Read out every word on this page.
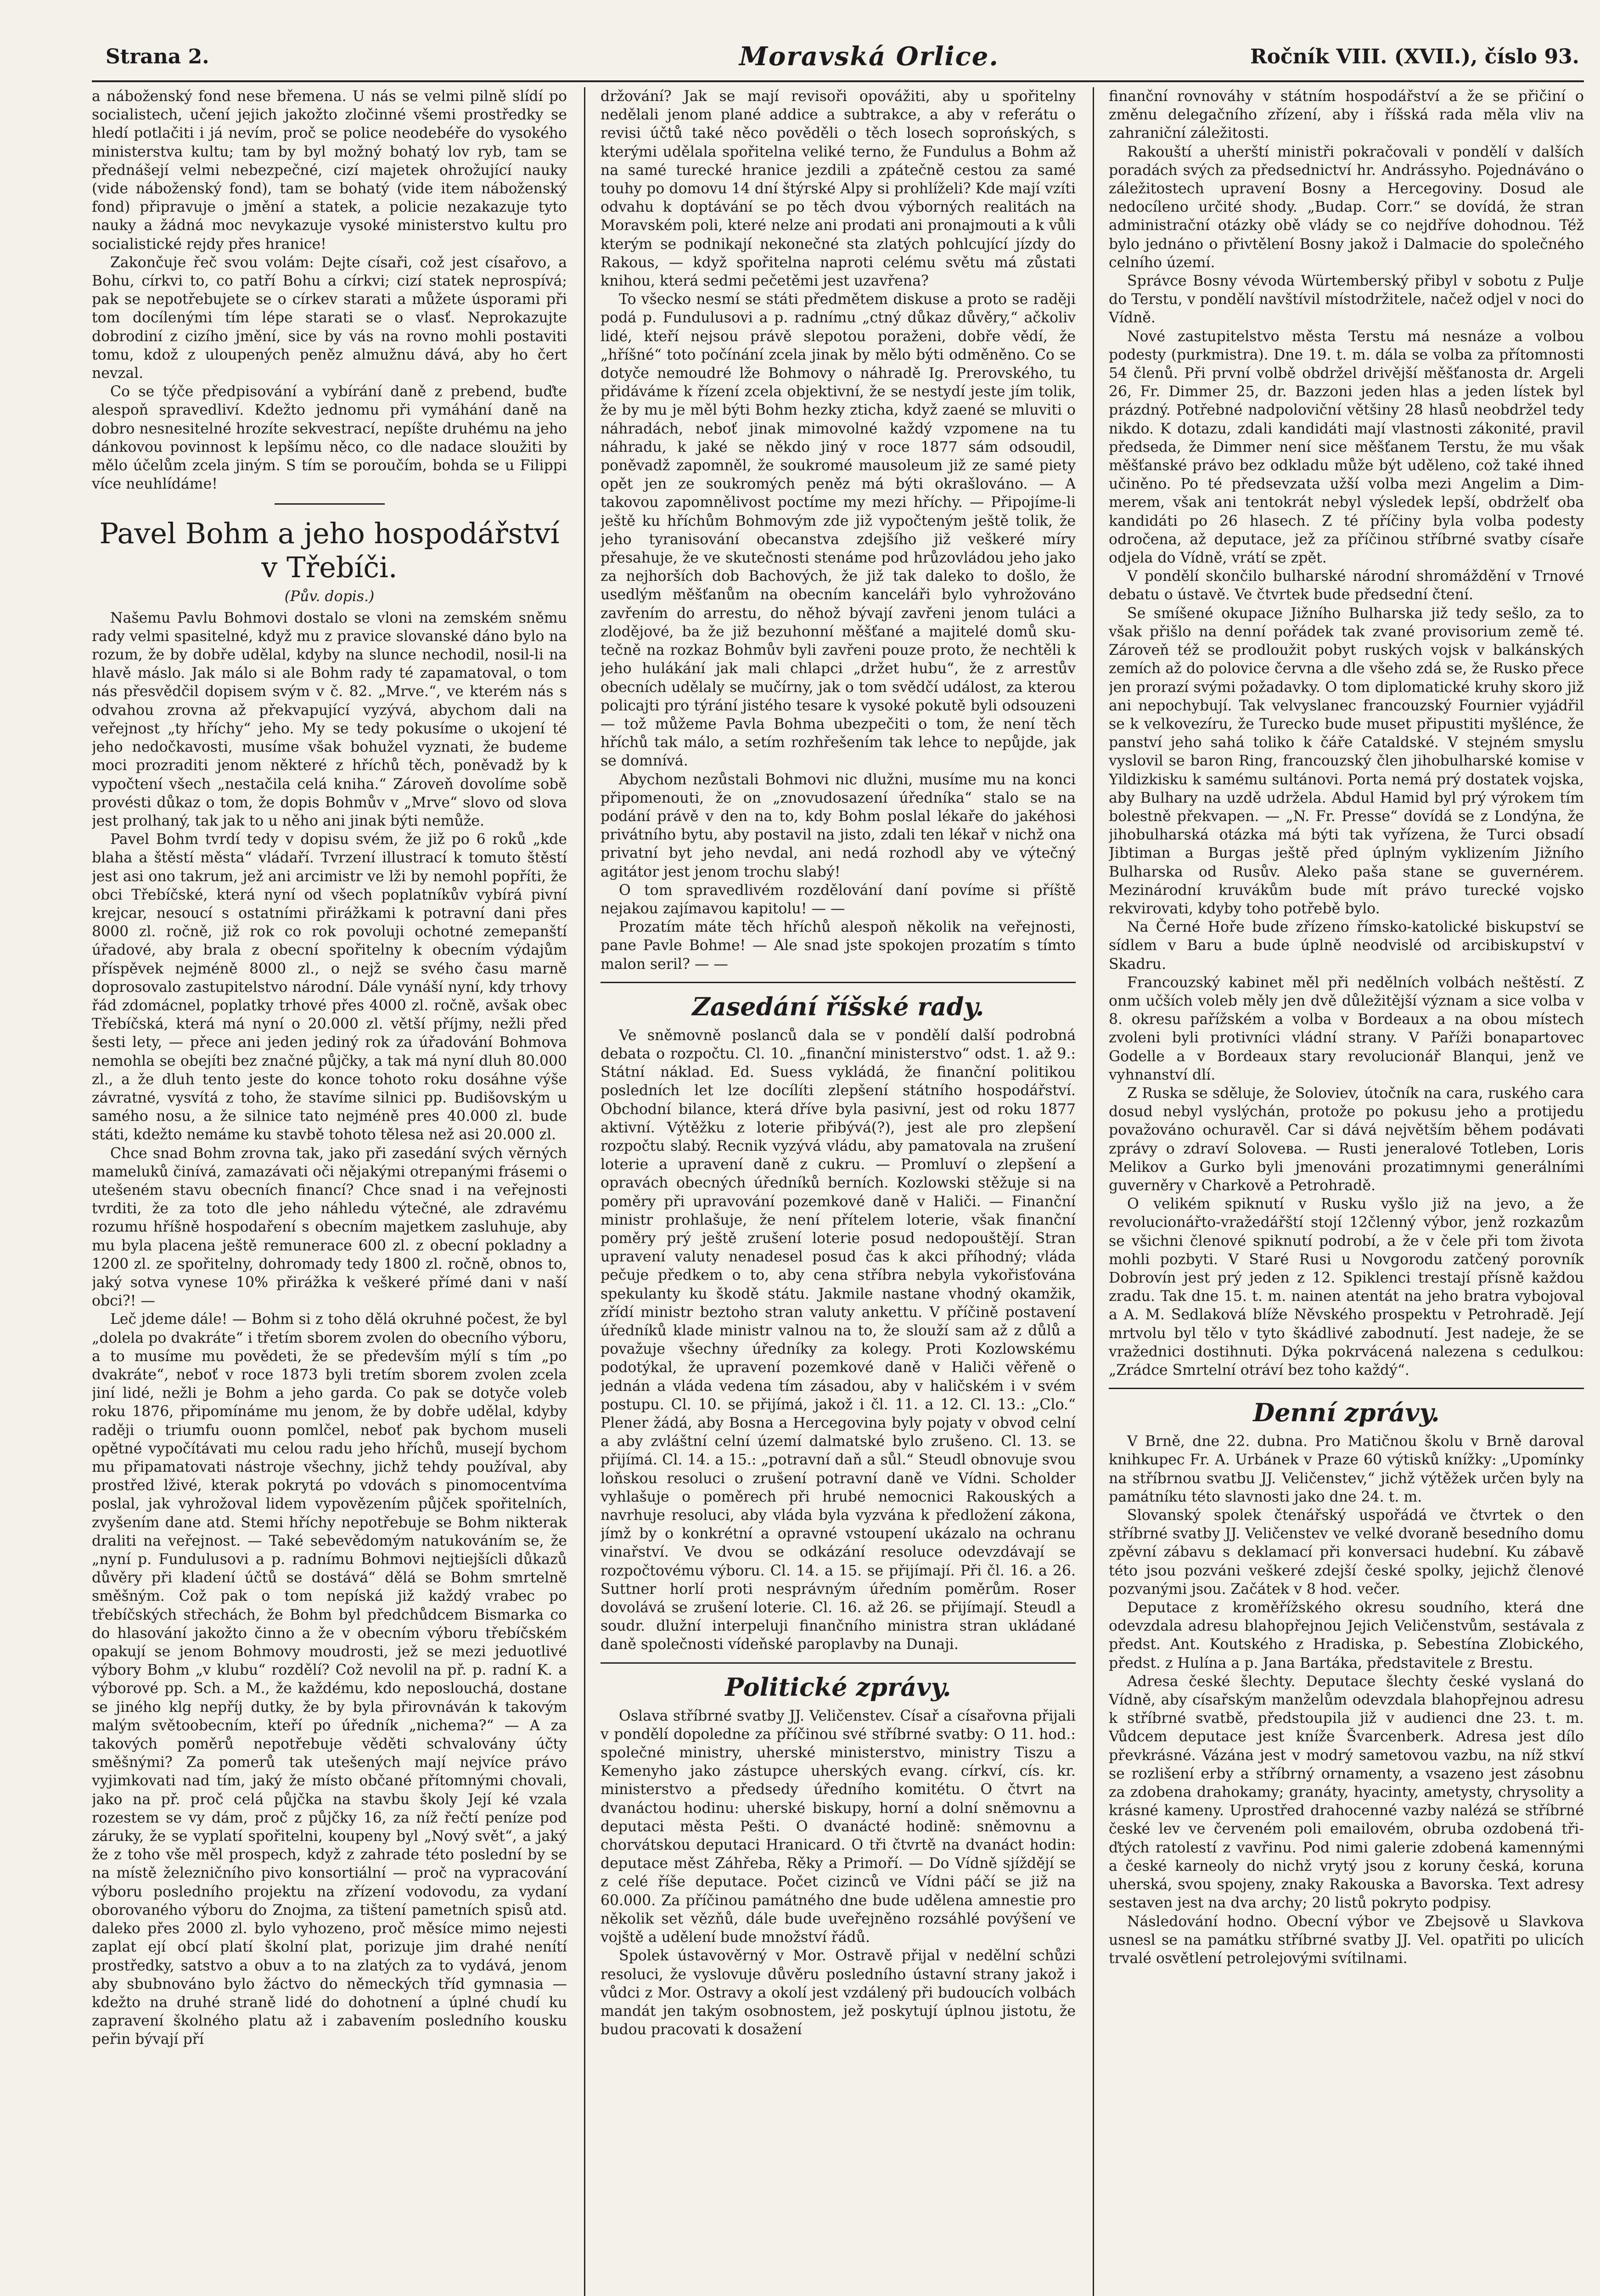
Strana 2.	Moravská Orlice.	Ročník VIII. (XVII.), číslo 93.

a náboženský fond nese břemena. U nás se velmi pilně slídí po socialistech, učení jejich jakožto zločinné všemi prostředky se hledí potlačiti i já nevím, proč se police neodebéře do vysokého ministerstva kultu; tam by byl možný bohatý lov ryb, tam se přednášejí velmi nebezpečné, cizí majetek ohrožující nauky (vide náboženský fond), tam se bohatý (vide item náboženský fond) připravuje o jmění a statek, a policie nezakazuje tyto nauky a žádná moc nevykazuje vysoké ministerstvo kultu pro socialistické rejdy přes hranice!

Zakončuje řeč svou volám: Dejte císaři, což jest císařovo, a Bohu, církvi to, co patří Bohu a církvi; cizí statek neprospívá; pak se nepotřebujete se o církev starati a můžete úsporami při tom docílenými tím lépe starati se o vlasť. Neprokazujte dobrodiní z cizího jmění, sice by vás na rovno mohli postaviti tomu, kdož z uloupených peněz almužnu dává, aby ho čert nevzal.

Co se týče předpisování a vybírání daně z prebend, buďte alespoň spravedliví. Kdežto jednomu při vymáhání daně na dobro nesnesitelné hrozíte sekvestrací, nepíšte druhému na jeho dánkovou povinnost k lepšímu něco, co dle nadace sloužiti by mělo účelům zcela jiným. S tím se poroučím, bohda se u Filippi více neuhlídáme!

Pavel Bohm a jeho hospodářství v Třebíči.

(Pův. dopis.)

Našemu Pavlu Bohmovi dostalo se vloni na zemském sněmu rady velmi spasitelné, když mu z pravice slovanské dáno bylo na rozum, že by dobře udělal, kdyby na slunce nechodil, nosil-li na hlavě máslo. Jak málo si ale Bohm rady té zapamatoval, o tom nás přesvědčil dopisem svým v č. 82. „Mrve.“, ve kterém nás s odvahou zrovna až překvapující vyzývá, abychom dali na veřejnost „ty hříchy“ jeho. My se tedy pokusíme o ukojení té jeho nedočkavosti, musíme však bohužel vyznati, že budeme moci prozraditi jenom některé z hříchů těch, poněvadž by k vypočtení všech „nestačila celá kniha.“ Zároveň dovolíme sobě provésti důkaz o tom, že dopis Bohmův v „Mrve“ slovo od slova jest prolhaný, tak jak to u něho ani jinak býti nemůže.

Pavel Bohm tvrdí tedy v dopisu svém, že již po 6 roků „kde blaha a štěstí města“ vládaří. Tvrzení illustrací k tomuto štěstí jest asi ono takrum, jež ani arcimistr ve lži by nemohl popříti, že obci Třebíčské, která nyní od všech poplatníkův vybírá pivní krejcar, nesoucí s ostatními přirážkami k potravní dani přes 8000 zl. ročně, již rok co rok povoluji ochotné zemepanští úřadové, aby brala z obecní spořitelny k obecním výdajům příspěvek nejméně 8000 zl., o nejž se svého času marně doprosovalo zastupitelstvo národní. Dále vynáší nyní, kdy trhovy řád zdomácnel, poplatky trhové přes 4000 zl. ročně, avšak obec Třebíčská, která má nyní o 20.000 zl. větší příjmy, nežli před šesti lety, — přece ani jeden jediný rok za úřadování Bohmova nemohla se obejíti bez značné půjčky, a tak má nyní dluh 80.000 zl., a že dluh tento jeste do konce tohoto roku dosáhne výše závratné, vysvítá z toho, že stavíme silnici pp. Budišovským u samého nosu, a že silnice tato nejméně pres 40.000 zl. bude státi, kdežto nemáme ku stavbě tohoto tělesa než asi 20.000 zl.

Chce snad Bohm zrovna tak, jako při zasedání svých věrných mameluků činívá, zamazávati oči nějakými otrepanými frásemi o utešeném stavu obecních financí? Chce snad i na veřejnosti tvrditi, že za toto dle jeho náhledu výtečné, ale zdravému rozumu hříšně hospodaření s obecním majetkem zasluhuje, aby mu byla placena ještě remunerace 600 zl. z obecní pokladny a 1200 zl. ze spořitelny, dohromady tedy 1800 zl. ročně, obnos to, jaký sotva vynese 10% přirážka k veškeré přímé dani v naší obci?! —

Leč jdeme dále! — Bohm si z toho dělá okruhné počest, že byl „dolela po dvakráte“ i třetím sborem zvolen do obecního výboru, a to musíme mu povědeti, že se především mýlí s tím „po dvakráte“, neboť v roce 1873 byli tretím sborem zvolen zcela jiní lidé, nežli je Bohm a jeho garda. Co pak se dotyče voleb roku 1876, připomínáme mu jenom, že by dobře udělal, kdyby raději o triumfu ouonn pomlčel, neboť pak bychom museli opětné vypočítávati mu celou radu jeho hříchů, musejí bychom mu připamatovati nástroje všechny, jichž tehdy používal, aby prostřed lživé, kterak pokrytá po vdovách s pinomocentvíma poslal, jak vyhrožoval lidem vypovězením půjček spořitelních, zvyšením dane atd. Stemi hříchy nepotřebuje se Bohm nikterak draliti na veřejnost. — Také sebevědomým natukováním se, že „nyní p. Fundulusovi a p. radnímu Bohmovi nejtiejšícli důkazů důvěry při kladení účtů se dostává“ dělá se Bohm smrtelně směšným. Což pak o tom nepíská již každý vrabec po třebíčských střechách, že Bohm byl předchůdcem Bismarka co do hlasování jakožto činno a že v obecním výboru třebíčském opakují se jenom Bohmovy moudrosti, jež se mezi jeduotlivé výbory Bohm „v klubu“ rozdělí? Což nevolil na př. p. radní K. a výborové pp. Sch. a M., že každému, kdo neposlouchá, dostane se jiného klg nepříj dutky, že by byla přirovnáván k takovým malým světoobecním, kteří po úředník „nichema?“ — A za takových poměrů nepotřebuje věděti schvalovány účty směšnými? Za pomerů tak utešených mají nejvíce právo vyjimkovati nad tím, jaký že místo občané přítomnými chovali, jako na př. proč celá půjčka na stavbu školy Její ké vzala rozestem se vy dám, proč z půjčky 16, za níž řečtí peníze pod záruky, že se vyplatí spořitelni, koupeny byl „Nový svět“, a jaký že z toho vše měl prospech, když z zahrade této poslední by se na místě železničního pivo konsortiální — proč na vypracování výboru posledního projektu na zřízení vodovodu, za vydaní oborovaného výboru do Znojma, za tištení pametních spisů atd. daleko přes 2000 zl. bylo vyhozeno, proč měsíce mimo nejesti zaplat ejí obcí platí školní plat, porizuje jim drahé nenítí prostředky, satstvo a obuv a to na zlatých za to vydává, jenom aby sbubnováno bylo žáctvo do německých tříd gymnasia — kdežto na druhé straně lidé do dohotnení a úplné chudí ku zapravení školného platu až i zabavením posledního kousku peřin bývají pří

držování? Jak se mají revisoři opovážiti, aby u spořitelny nedělali jenom plané addice a subtrakce, a aby v referátu o revisi účtů také něco pověděli o těch losech soprońských, s kterými udělala spořitelna veliké terno, že Fundulus a Bohm až na samé turecké hranice jezdili a zpátečně cestou za samé touhy po domovu 14 dní štýrské Alpy si prohlíželi? Kde mají vzíti odvahu k doptávání se po těch dvou výborných realitách na Moravském poli, které nelze ani prodati ani pronajmouti a k vůli kterým se podnikají nekonečné sta zlatých pohlcující jízdy do Rakous, — když spořitelna naproti celému světu má zůstati knihou, která sedmi pečetěmi jest uzavřena?

To všecko nesmí se státi předmětem diskuse a proto se raději podá p. Fundulusovi a p. radnímu „ctný důkaz důvěry,“ ačkoliv lidé, kteří nejsou právě slepotou poraženi, dobře vědí, že „hříšné“ toto počínání zcela jinak by mělo býti odměněno. Co se dotyče nemoudré lže Bohmovy o náhradě Ig. Prerovského, tu přidáváme k řízení zcela objektivní, že se nestydí jeste jím tolik, že by mu je měl býti Bohm hezky zticha, když zaené se mluviti o náhradách, neboť jinak mimovolné každý vzpomene na tu náhradu, k jaké se někdo jiný v roce 1877 sám odsoudil, poněvadž zapomněl, že soukromé mausoleum již ze samé piety opět jen ze soukromých peněz má býti okrašlováno. — A takovou zapomnělivost poctíme my mezi hříchy. — Připojíme-li ještě ku hříchům Bohmovým zde již vypočteným ještě tolik, že jeho tyranisování obecanstva zdejšího již veškeré míry přesahuje, že ve skutečnosti stenáme pod hrůzovládou jeho jako za nejhorších dob Bachových, že již tak daleko to došlo, že usedlým měšťanům na obecním kanceláři bylo vyhrožováno zavřením do arrestu, do něhož bývají zavřeni jenom tuláci a zlodějové, ba že již bezuhonní měšťané a majitelé domů skutečně na rozkaz Bohmův byli zavřeni pouze proto, že nechtěli k jeho hulákání jak mali chlapci „držet hubu“, že z arrestův obecních udělaly se mučírny, jak o tom svědčí událost, za kterou policajti pro týrání jistého tesare k vysoké pokutě byli odsouzeni — tož můžeme Pavla Bohma ubezpečiti o tom, že není těch hříchů tak málo, a setím rozhřešením tak lehce to nepůjde, jak se domnívá.

Abychom nezůstali Bohmovi nic dlužni, musíme mu na konci připomenouti, že on „znovudosazení úředníka“ stalo se na podání právě v den na to, kdy Bohm poslal lékaře do jakéhosi privátního bytu, aby postavil na jisto, zdali ten lékař v nichž ona privatní byt jeho nevdal, ani nedá rozhodl aby ve výtečný agitátor jest jenom trochu slabý!

O tom spravedlivém rozdělování daní povíme si příště nejakou zajímavou kapitolu! — —

Prozatím máte těch hříchů alespoň několik na veřejnosti, pane Pavle Bohme! — Ale snad jste spokojen prozatím s tímto malon seril? — —

Zasedání říšské rady.

Ve sněmovně poslanců dala se v pondělí další podrobná debata o rozpočtu. Cl. 10. „finanční ministerstvo“ odst. 1. až 9.: Státní náklad. Ed. Suess vykládá, že finanční politikou posledních let lze docílíti zlepšení státního hospodářství. Obchodní bilance, která dříve byla pasivní, jest od roku 1877 aktivní. Výtěžku z loterie přibývá(?), jest ale pro zlepšení rozpočtu slabý. Recnik vyzývá vládu, aby pamatovala na zrušení loterie a upravení daně z cukru. — Promluví o zlepšení a opravách obecných úředníků berních. Kozlowski stěžuje si na poměry při upravování pozemkové daně v Haliči. — Finanční ministr prohlašuje, že není přítelem loterie, však finanční poměry prý ještě zrušení loterie posud nedopouštějí. Stran upravení valuty nenadesel posud čas k akci příhodný; vláda pečuje předkem o to, aby cena stříbra nebyla vykořisťována spekulanty ku škodě státu. Jakmile nastane vhodný okamžik, zřídí ministr beztoho stran valuty ankettu. V příčině postavení úředníků klade ministr valnou na to, že slouží sam až z důlů a považuje všechny úředníky za kolegy. Proti Kozlowskému podotýkal, že upravení pozemkové daně v Haliči věřeně o jednán a vláda vedena tím zásadou, aby v haličském i v svém postupu. Cl. 10. se přijímá, jakož i čl. 11. a 12. Cl. 13.: „Clo.“ Plener žádá, aby Bosna a Hercegovina byly pojaty v obvod celní a aby zvláštní celní území dalmatské bylo zrušeno. Cl. 13. se přijímá. Cl. 14. a 15.: „potravní daň a sůl.“ Steudl obnovuje svou loňskou resoluci o zrušení potravní daně ve Vídni. Scholder vyhlašuje o poměrech při hrubé nemocnici Rakouských a navrhuje resoluci, aby vláda byla vyzvána k předložení zákona, jímž by o konkrétní a opravné vstoupení ukázalo na ochranu vinařství. Ve dvou se odkázání resoluce odevzdávají se rozpočtovému výboru. Cl. 14. a 15. se přijímají. Při čl. 16. a 26. Suttner horlí proti nesprávným úředním poměrům. Roser dovolává se zrušení loterie. Cl. 16. až 26. se přijímají. Steudl a soudr. dlužní interpeluji finančního ministra stran ukládané daně společnosti vídeňské paroplavby na Dunaji.

Politické zprávy.

Oslava stříbrné svatby JJ. Veličenstev. Císař a císařovna přijali v pondělí dopoledne za příčinou své stříbrné svatby: O 11. hod.: společné ministry, uherské ministerstvo, ministry Tiszu a Kemenyho jako zástupce uherských evang. církví, cís. kr. ministerstvo a předsedy úředního komitétu. O čtvrt na dvanáctou hodinu: uherské biskupy, horní a dolní sněmovnu a deputaci města Pešti. O dvanácté hodině: sněmovnu a chorvátskou deputaci Hranicard. O tři čtvrtě na dvanáct hodin: deputace měst Záhřeba, Rěky a Primoří. — Do Vídně sjíždějí se z celé říše deputace. Počet cizinců ve Vídni páčí se již na 60.000. Za příčinou památného dne bude udělena amnestie pro několik set vězňů, dále bude uveřejněno rozsáhlé povýšení ve vojště a udělení bude množství řádů.

Spolek ústavověrný v Mor. Ostravě přijal v nedělní schůzi resoluci, že vyslovuje důvěru posledního ústavní strany jakož i vůdci z Mor. Ostravy a okolí jest vzdálený při budoucích volbách mandát jen takým osobnostem, jež poskytují úplnou jistotu, že budou pracovati k dosažení

finanční rovnováhy v státním hospodářství a že se přičiní o změnu delegačního zřízení, aby i říšská rada měla vliv na zahraniční záležitosti.

Rakouští a uherští ministři pokračovali v pondělí v dalších poradách svých za předsednictví hr. Andrássyho. Pojednáváno o záležitostech upravení Bosny a Hercegoviny. Dosud ale nedocíleno určité shody. „Budap. Corr.“ se dovídá, že stran administrační otázky obě vlády se co nejdříve dohodnou. Též bylo jednáno o přivtělení Bosny jakož i Dalmacie do společného celního území.

Správce Bosny vévoda Würtemberský přibyl v sobotu z Pulje do Terstu, v pondělí navštívil místodržitele, načež odjel v noci do Vídně.

Nové zastupitelstvo města Terstu má nesnáze a volbou podesty (purkmistra). Dne 19. t. m. dála se volba za přítomnosti 54 členů. Při první volbě obdržel drivější měšťanosta dr. Argeli 26, Fr. Dimmer 25, dr. Bazzoni jeden hlas a jeden lístek byl prázdný. Potřebné nadpoloviční většiny 28 hlasů neobdržel tedy nikdo. K dotazu, zdali kandidáti mají vlastnosti zákonité, pravil předseda, že Dimmer není sice měšťanem Terstu, že mu však měšťanské právo bez odkladu může být uděleno, což také ihned učiněno. Po té předsevzata užší volba mezi Angelim a Dimmerem, však ani tentokrát nebyl výsledek lepší, obdrželť oba kandidáti po 26 hlasech. Z té příčiny byla volba podesty odročena, až deputace, jež za příčinou stříbrné svatby císaře odjela do Vídně, vrátí se zpět.

V pondělí skončilo bulharské národní shromáždění v Trnové debatu o ústavě. Ve čtvrtek bude předsední čtení.

Se smíšené okupace Jižního Bulharska již tedy sešlo, za to však přišlo na denní pořádek tak zvané provisorium země té. Zároveň též se prodloužit pobyt ruských vojsk v balkánských zemích až do polovice června a dle všeho zdá se, že Rusko přece jen prorazí svými požadavky. O tom diplomatické kruhy skoro již ani nepochybují. Tak velvyslanec francouzský Fournier vyjádřil se k velkovezíru, že Turecko bude muset připustiti myšlénce, že panství jeho sahá toliko k čáře Cataldské. V stejném smyslu vyslovil se baron Ring, francouzský člen jihobulharské komise v Yildizkisku k samému sultánovi. Porta nemá prý dostatek vojska, aby Bulhary na uzdě udržela. Abdul Hamid byl prý výrokem tím bolestně překvapen. — „N. Fr. Presse“ dovídá se z Londýna, že jihobulharská otázka má býti tak vyřízena, že Turci obsadí Jibtiman a Burgas ještě před úplným vyklizením Jižního Bulharska od Rusův. Aleko paša stane se guvernérem. Mezinárodní kruvákům bude mít právo turecké vojsko rekvirovati, kdyby toho potřebě bylo.

Na Černé Hoře bude zřízeno římsko-katolické biskupství se sídlem v Baru a bude úplně neodvislé od arcibiskupství v Skadru.

Francouzský kabinet měl při nedělních volbách neštěstí. Z onm učších voleb měly jen dvě důležitější význam a sice volba v 8. okresu pařížském a volba v Bordeaux a na obou místech zvoleni byli protivníci vládní strany. V Paříži bonapartovec Godelle a v Bordeaux stary revolucionář Blanqui, jenž ve vyhnanství dlí.

Z Ruska se sděluje, že Soloviev, útočník na cara, ruského cara dosud nebyl vyslýchán, protože po pokusu jeho a protijedu považováno ochuravěl. Car si dává největším během podávati zprávy o zdraví Solovева. — Rusti jeneralové Totleben, Loris Melikov a Gurko byli jmenováni prozatimnymi generálními guverněry v Charkově a Petrohradě.

O velikém spiknutí v Rusku vyšlo již na jevo, a že revolucionářto-vražedářští stojí 12členný výbor, jenž rozkazům se všichni členové spiknutí podrobí, a že v čele při tom života mohli pozbyti. V Staré Rusi u Novgorodu zatčený porovník Dobrovín jest prý jeden z 12. Spiklenci trestají přísně každou zradu. Tak dne 15. t. m. nainen atentát na jeho bratra vybojoval a A. M. Sedlaková blíže Něvského prospektu v Petrohradě. Její mrtvolu byl tělo v tyto škádlivé zabodnutí. Jest nadeje, že se vražednici dostihnuti. Dýka pokrvácená nalezena s cedulkou: „Zrádce Smrtelní otráví bez toho každý“.

Denní zprávy.

V Brně, dne 22. dubna. Pro Matičnou školu v Brně daroval knihkupec Fr. A. Urbánek v Praze 60 výtisků knížky: „Upomínky na stříbrnou svatbu JJ. Veličenstev,“ jichž výtěžek určen byly na památníku této slavnosti jako dne 24. t. m.

Slovanský spolek čtenářský uspořádá ve čtvrtek o den stříbrné svatby JJ. Veličenstev ve velké dvoraně besedního domu zpěvní zábavu s deklamací při konversaci hudební. Ku zábavě této jsou pozváni veškeré zdejší české spolky, jejichž členové pozvanými jsou. Začátek v 8 hod. večer.

Deputace z kroměřížského okresu soudního, která dne odevzdala adresu blahopřejnou Jejich Veličenstvům, sestávala z předst. Ant. Koutského z Hradiska, p. Sebestína Zlobického, předst. z Hulína a p. Jana Bartáka, představitele z Brestu.

Adresa české šlechty. Deputace šlechty české vyslaná do Vídně, aby císařským manželům odevzdala blahopřejnou adresu k stříbrné svatbě, předstoupila již v audienci dne 23. t. m. Vůdcem deputace jest kníže Švarcenberk. Adresa jest dílo převkrásné. Vázána jest v modrý sametovou vazbu, na níž stkví se rozlišení erby a stříbrný ornamenty, a vsazeno jest zásobnu za zdobena drahokamy; granáty, hyacinty, ametysty, chrysolity a krásné kameny. Uprostřed drahocenné vazby nalézá se stříbrné české lev ve červeném poli emailovém, obruba ozdobená třiďtých ratolestí z vavřinu. Pod nimi galerie zdobená kamennými a české karneoly do nichž vrytý jsou z koruny česká, koruna uherská, svou spojeny, znaky Rakouska a Bavorska. Text adresy sestaven jest na dva archy; 20 listů pokryto podpisy.

Následování hodno. Obecní výbor ve Zbejsově u Slavkova usnesl se na památku stříbrné svatby JJ. Vel. opatřiti po ulicích trvalé osvětlení petrolejovými svítilnami.
